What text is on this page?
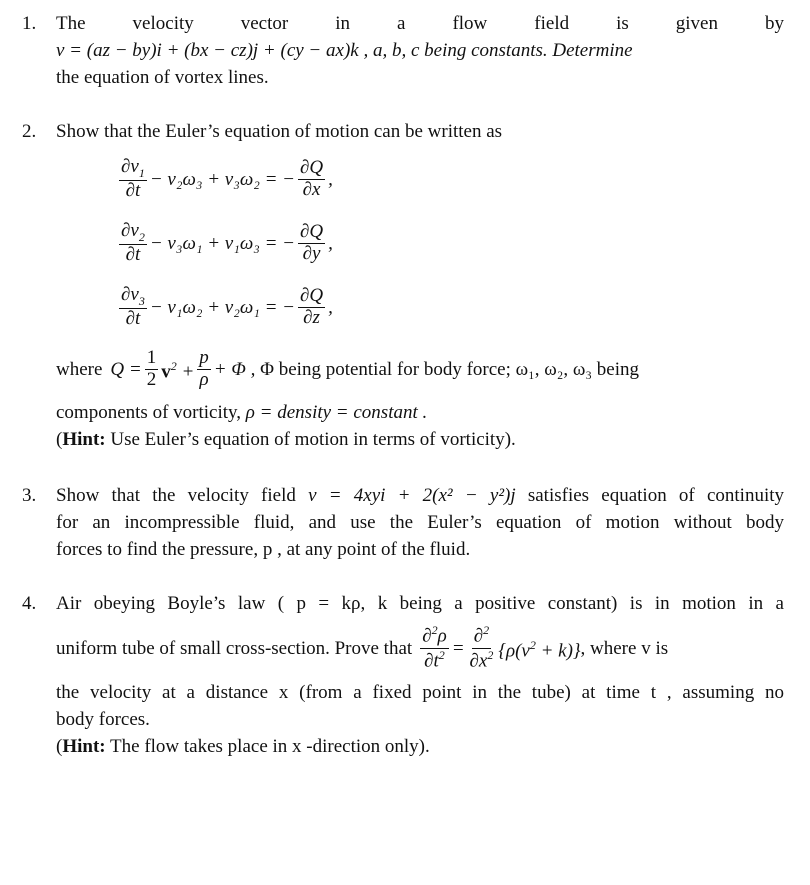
1.	The velocity vector in a flow field is given by
v = (az − by)i + (bx − cz)j + (cy − ax)k , a, b, c being constants. Determine
the equation of vortex lines.
2.	Show that the Euler’s equation of motion can be written as
$\frac{\partial v_1}{\partial t} - v_2\omega_3 + v_3\omega_2$ = − $\frac{\partial Q}{\partial x}$ ,
$\frac{\partial v_2}{\partial t} - v_3\omega_1 + v_1\omega_3$ = − $\frac{\partial Q}{\partial y}$ ,
$\frac{\partial v_3}{\partial t} - v_1\omega_2 + v_2\omega_1$ = − $\frac{\partial Q}{\partial z}$ ,
where $Q = \frac{1}{2} v^2 + \frac{p}{\rho} + \Phi$ , Φ being potential for body force; ω₁, ω₂, ω₃ being
components of vorticity, ρ = density = constant .
(Hint: Use Euler’s equation of motion in terms of vorticity).
3.	Show that the velocity field v = 4xyi + 2(x² − y²)j satisfies equation of continuity
for an incompressible fluid, and use the Euler’s equation of motion without body
forces to find the pressure, p , at any point of the fluid.
4.	Air obeying Boyle’s law ( p = kρ, k being a positive constant) is in motion in a
uniform tube of small cross-section. Prove that $\frac{\partial^2\rho}{\partial t^2} = \frac{\partial^2}{\partial x^2} \{\rho(v^2 + k)\}$ , where v is
the velocity at a distance x (from a fixed point in the tube) at time t , assuming no
body forces.
(Hint: The flow takes place in x -direction only).
